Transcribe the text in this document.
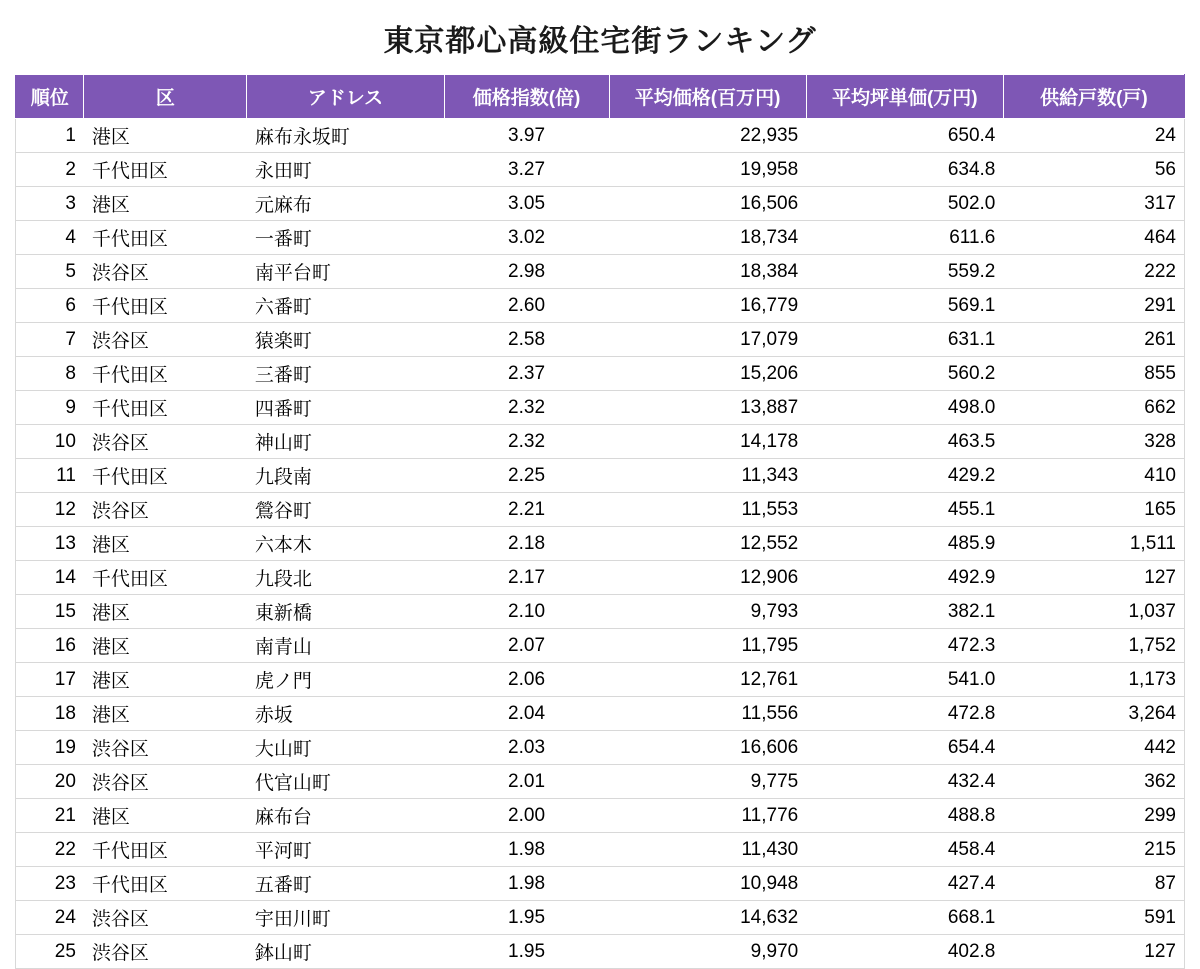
東京都心高級住宅街ランキング
順位	区	アドレス	価格指数(倍)	平均価格(百万円)	平均坪単価(万円)	供給戸数(戸)
1	港区	麻布永坂町	3.97	22,935	650.4	24
2	千代田区	永田町	3.27	19,958	634.8	56
3	港区	元麻布	3.05	16,506	502.0	317
4	千代田区	一番町	3.02	18,734	611.6	464
5	渋谷区	南平台町	2.98	18,384	559.2	222
6	千代田区	六番町	2.60	16,779	569.1	291
7	渋谷区	猿楽町	2.58	17,079	631.1	261
8	千代田区	三番町	2.37	15,206	560.2	855
9	千代田区	四番町	2.32	13,887	498.0	662
10	渋谷区	神山町	2.32	14,178	463.5	328
11	千代田区	九段南	2.25	11,343	429.2	410
12	渋谷区	鶯谷町	2.21	11,553	455.1	165
13	港区	六本木	2.18	12,552	485.9	1,511
14	千代田区	九段北	2.17	12,906	492.9	127
15	港区	東新橋	2.10	9,793	382.1	1,037
16	港区	南青山	2.07	11,795	472.3	1,752
17	港区	虎ノ門	2.06	12,761	541.0	1,173
18	港区	赤坂	2.04	11,556	472.8	3,264
19	渋谷区	大山町	2.03	16,606	654.4	442
20	渋谷区	代官山町	2.01	9,775	432.4	362
21	港区	麻布台	2.00	11,776	488.8	299
22	千代田区	平河町	1.98	11,430	458.4	215
23	千代田区	五番町	1.98	10,948	427.4	87
24	渋谷区	宇田川町	1.95	14,632	668.1	591
25	渋谷区	鉢山町	1.95	9,970	402.8	127
